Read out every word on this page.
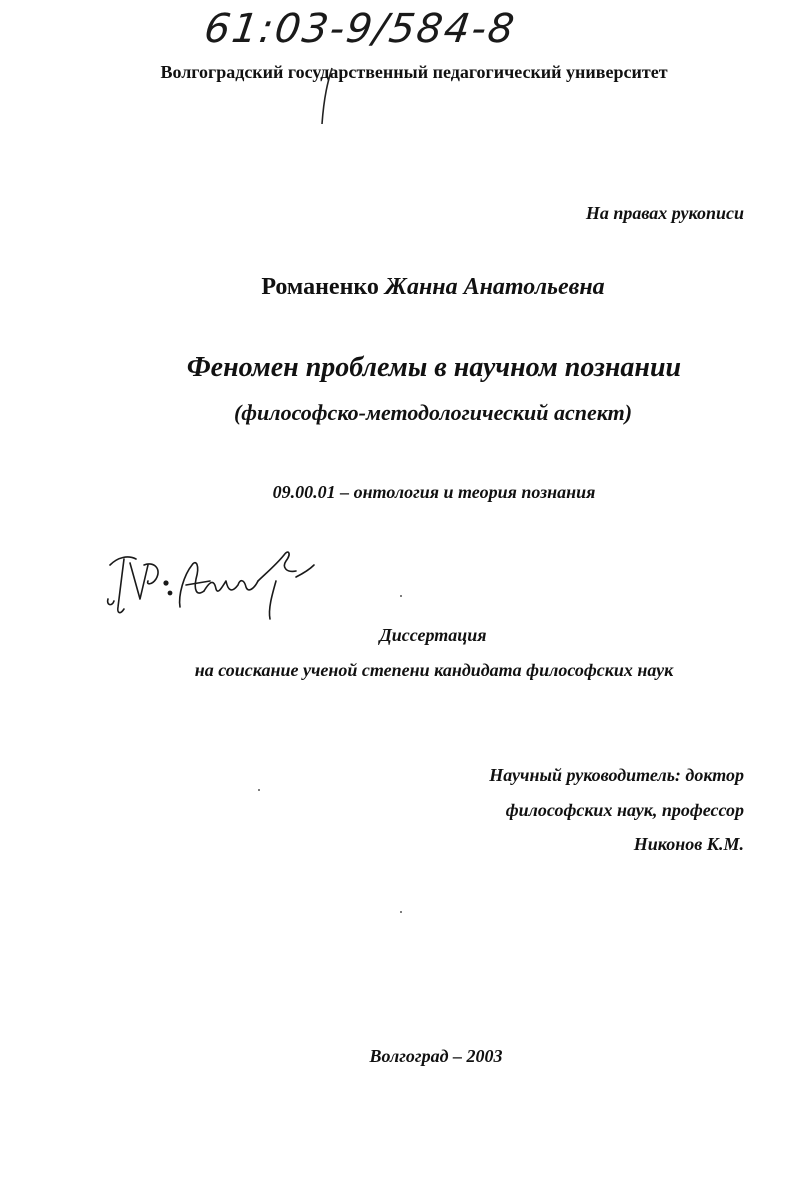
61:03-9/584-8
Волгоградский государственный педагогический университет
На правах рукописи
Романенко Жанна Анатольевна
Феномен проблемы в научном познании
(философско-методологический аспект)
09.00.01 – онтология и теория познания
Диссертация
на соискание ученой степени кандидата философских наук
Научный руководитель: доктор
философских наук, профессор
Никонов К.М.
Волгоград – 2003
